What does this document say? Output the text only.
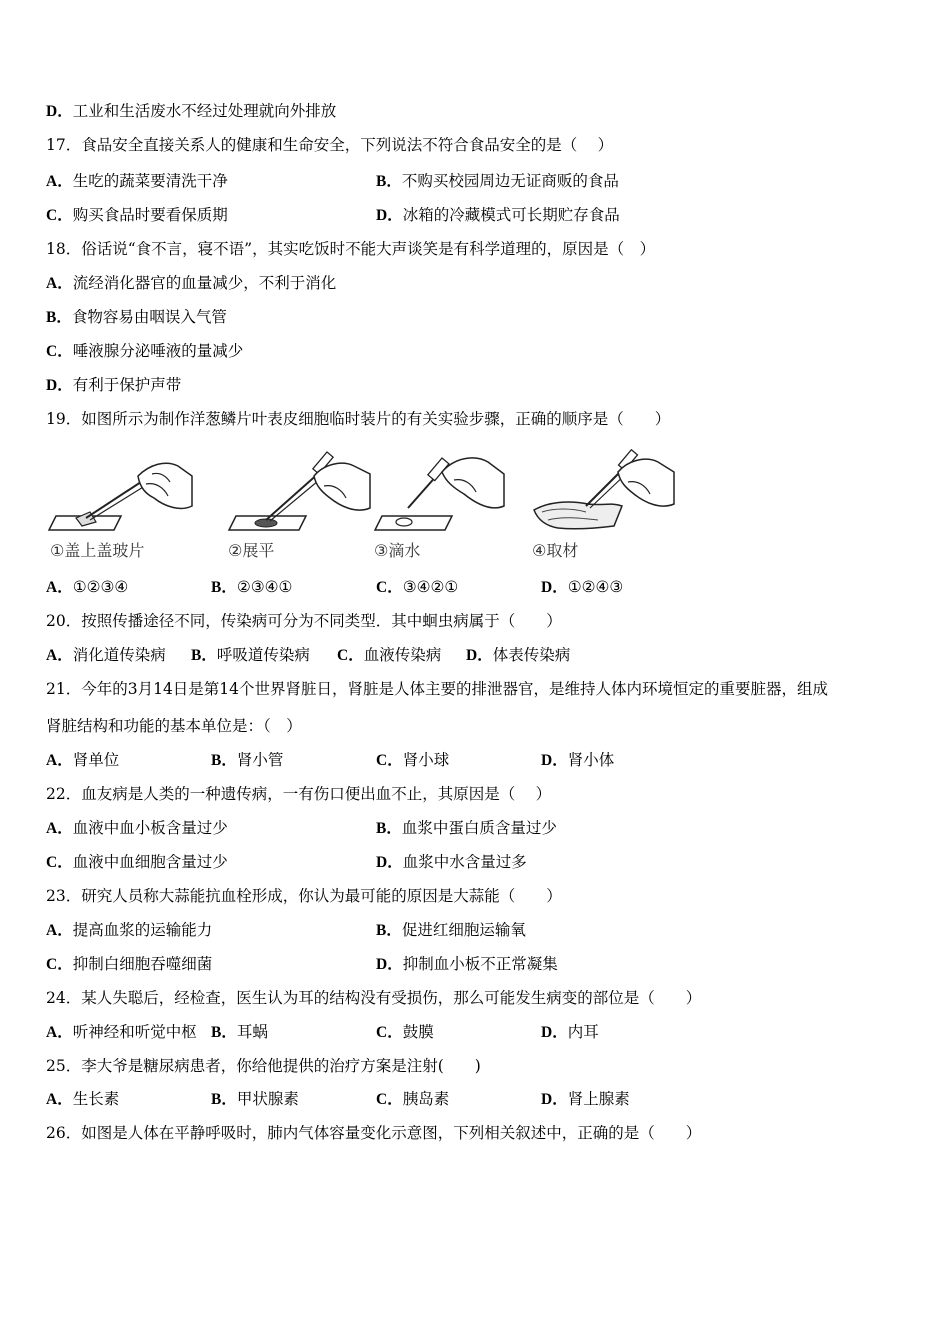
D．工业和生活废水不经过处理就向外排放
17．食品安全直接关系人的健康和生命安全，下列说法不符合食品安全的是（　 ）
A．生吃的蔬菜要清洗干净	B．不购买校园周边无证商贩的食品
C．购买食品时要看保质期	D．冰箱的冷藏模式可长期贮存食品
18．俗话说“食不言，寝不语”，其实吃饭时不能大声谈笑是有科学道理的，原因是（　）
A．流经消化器官的血量减少，不利于消化
B．食物容易由咽误入气管
C．唾液腺分泌唾液的量减少
D．有利于保护声带
19．如图所示为制作洋葱鳞片叶表皮细胞临时装片的有关实验步骤，正确的顺序是（　　）
①盖上盖玻片	②展平	③滴水	④取材
A．①②③④	B．②③④①	C．③④②①	D．①②④③
20．按照传播途径不同，传染病可分为不同类型．其中蛔虫病属于（　　）
A．消化道传染病 B．呼吸道传染病 C．血液传染病 D．体表传染病
21．今年的3月14日是第14个世界肾脏日，肾脏是人体主要的排泄器官，是维持人体内环境恒定的重要脏器，组成
肾脏结构和功能的基本单位是：（　）
A．肾单位	B．肾小管	C．肾小球	D．肾小体
22．血友病是人类的一种遗传病，一有伤口便出血不止，其原因是（　 ）
A．血液中血小板含量过少	B．血浆中蛋白质含量过少
C．血液中血细胞含量过少	D．血浆中水含量过多
23．研究人员称大蒜能抗血栓形成，你认为最可能的原因是大蒜能（　　）
A．提高血浆的运输能力	B．促进红细胞运输氧
C．抑制白细胞吞噬细菌	D．抑制血小板不正常凝集
24．某人失聪后，经检查，医生认为耳的结构没有受损伤，那么可能发生病变的部位是（　　）
A．听神经和听觉中枢 B．耳蜗	C．鼓膜	D．内耳
25．李大爷是糖尿病患者，你给他提供的治疗方案是注射(　　)
A．生长素	B．甲状腺素	C．胰岛素	D．肾上腺素
26．如图是人体在平静呼吸时，肺内气体容量变化示意图，下列相关叙述中，正确的是（　　）
